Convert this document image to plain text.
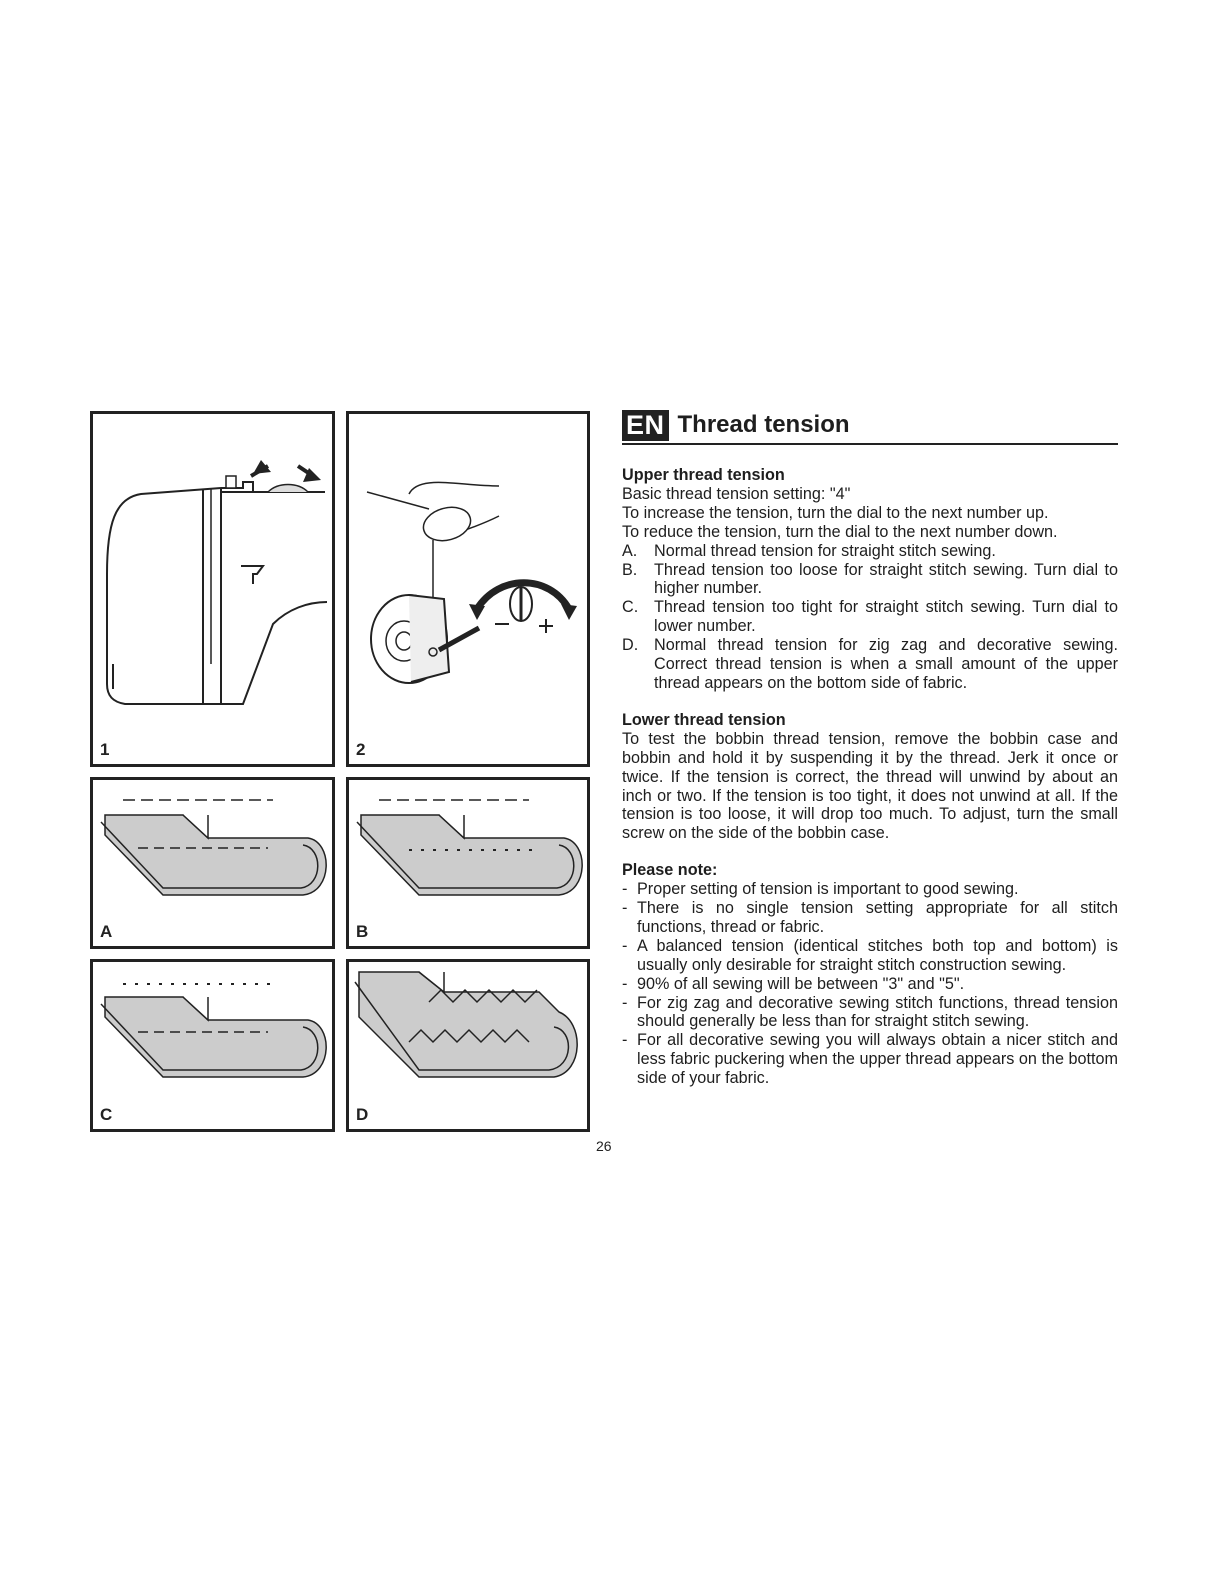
1	2
A	B
C	D
EN Thread tension

Upper thread tension

Basic thread tension setting: "4"

To increase the tension, turn the dial to the next number up.

To reduce the tension, turn the dial to the next number down.

A.	Normal thread tension for straight stitch sewing.
B.	Thread tension too loose for straight stitch sewing. Turn dial to higher number.
C. Thread tension too tight for straight stitch sewing. Turn dial to lower number.
D. Normal thread tension for zig zag and decorative sewing. Correct thread tension is when a small amount of the upper thread appears on the bottom side of fabric.

Lower thread tension

To test the bobbin thread tension, remove the bobbin case and bobbin and hold it by suspending it by the thread. Jerk it once or twice. If the tension is correct, the thread will unwind by about an inch or two. If the tension is too tight, it does not unwind at all. If the tension is too loose, it will drop too much. To adjust, turn the small screw on the side of the bobbin case.

Please note:

- Proper setting of tension is important to good sewing.
- There is no single tension setting appropriate for all stitch functions, thread or fabric.
- A balanced tension (identical stitches both top and bottom) is usually only desirable for straight stitch construction sewing.
- 90% of all sewing will be between "3" and "5".
- For zig zag and decorative sewing stitch functions, thread tension should generally be less than for straight stitch sewing.
- For all decorative sewing you will always obtain a nicer stitch and less fabric puckering when the upper thread appears on the bottom side of your fabric.
26
